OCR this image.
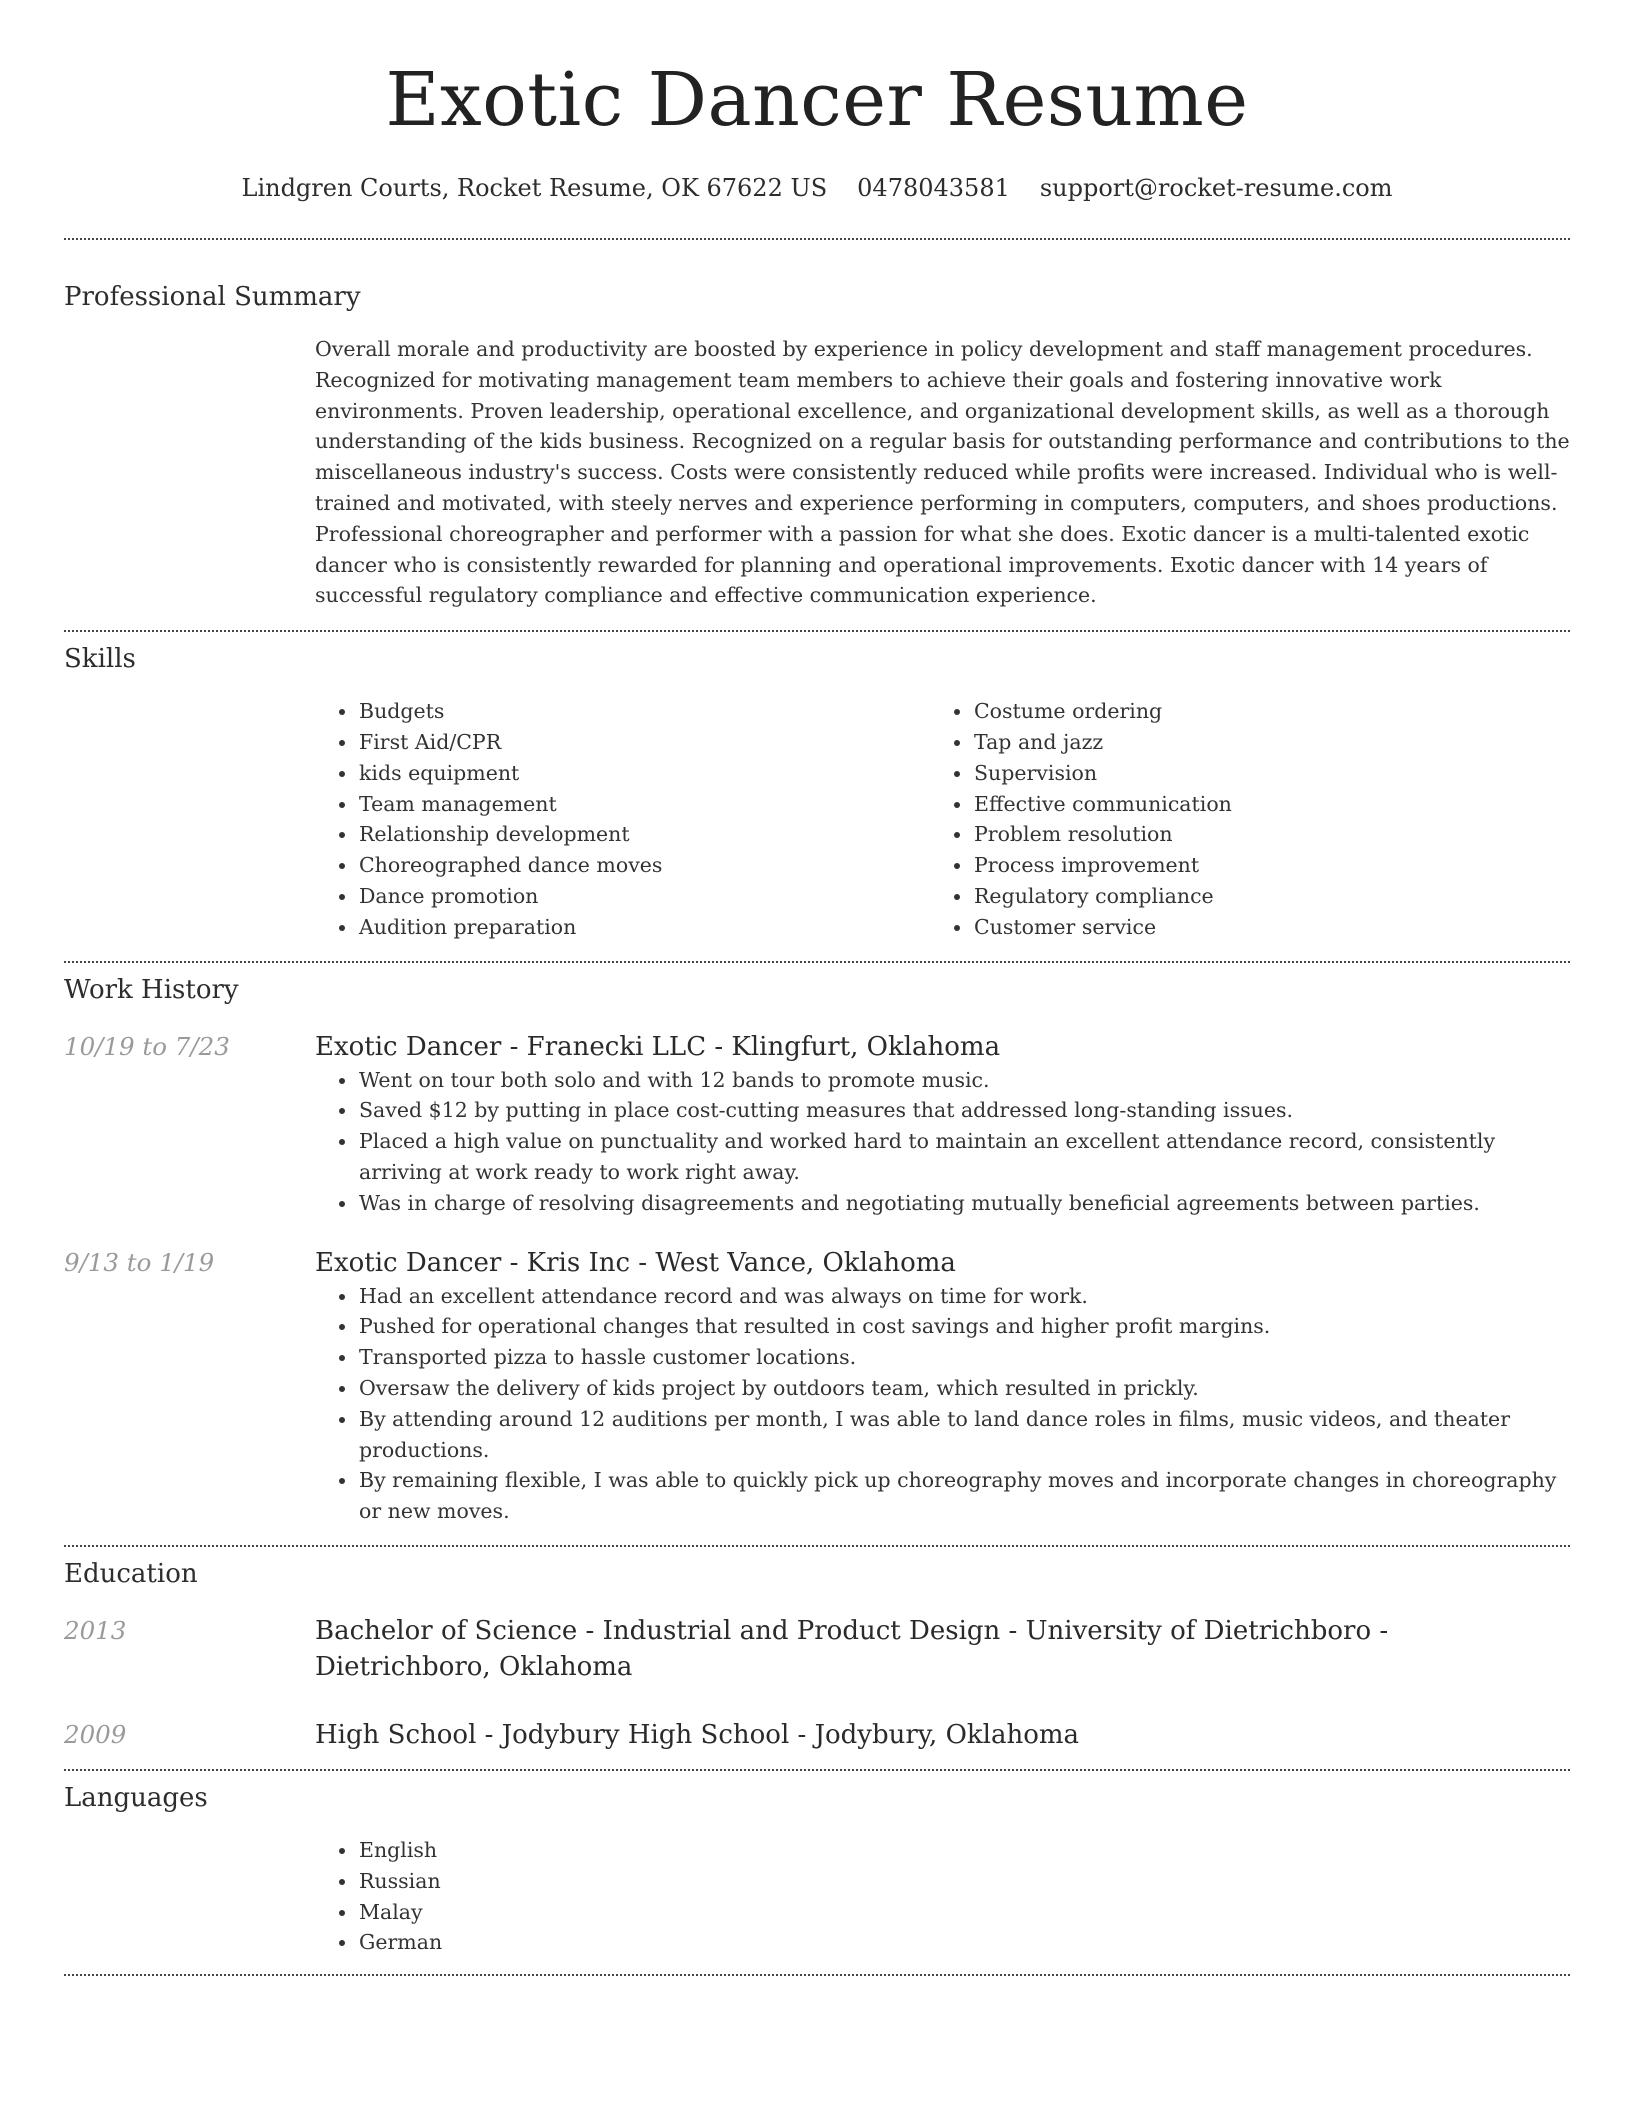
Exotic Dancer Resume
Lindgren Courts, Rocket Resume, OK 67622 US 0478043581 support@rocket-resume.com
Professional Summary
Overall morale and productivity are boosted by experience in policy development and staff management procedures. Recognized for motivating management team members to achieve their goals and fostering innovative work environments. Proven leadership, operational excellence, and organizational development skills, as well as a thorough understanding of the kids business. Recognized on a regular basis for outstanding performance and contributions to the miscellaneous industry's success. Costs were consistently reduced while profits were increased. Individual who is well-trained and motivated, with steely nerves and experience performing in computers, computers, and shoes productions. Professional choreographer and performer with a passion for what she does. Exotic dancer is a multi-talented exotic dancer who is consistently rewarded for planning and operational improvements. Exotic dancer with 14 years of successful regulatory compliance and effective communication experience.
Skills
• Budgets
• First Aid/CPR
• kids equipment
• Team management
• Relationship development
• Choreographed dance moves
• Dance promotion
• Audition preparation
• Costume ordering
• Tap and jazz
• Supervision
• Effective communication
• Problem resolution
• Process improvement
• Regulatory compliance
• Customer service
Work History
10/19 to 7/23	Exotic Dancer - Franecki LLC - Klingfurt, Oklahoma
• Went on tour both solo and with 12 bands to promote music.
• Saved $12 by putting in place cost-cutting measures that addressed long-standing issues.
• Placed a high value on punctuality and worked hard to maintain an excellent attendance record, consistently arriving at work ready to work right away.
• Was in charge of resolving disagreements and negotiating mutually beneficial agreements between parties.
9/13 to 1/19	Exotic Dancer - Kris Inc - West Vance, Oklahoma
• Had an excellent attendance record and was always on time for work.
• Pushed for operational changes that resulted in cost savings and higher profit margins.
• Transported pizza to hassle customer locations.
• Oversaw the delivery of kids project by outdoors team, which resulted in prickly.
• By attending around 12 auditions per month, I was able to land dance roles in films, music videos, and theater productions.
• By remaining flexible, I was able to quickly pick up choreography moves and incorporate changes in choreography or new moves.
Education
2013	Bachelor of Science - Industrial and Product Design - University of Dietrichboro - Dietrichboro, Oklahoma
2009	High School - Jodybury High School - Jodybury, Oklahoma
Languages
• English
• Russian
• Malay
• German
